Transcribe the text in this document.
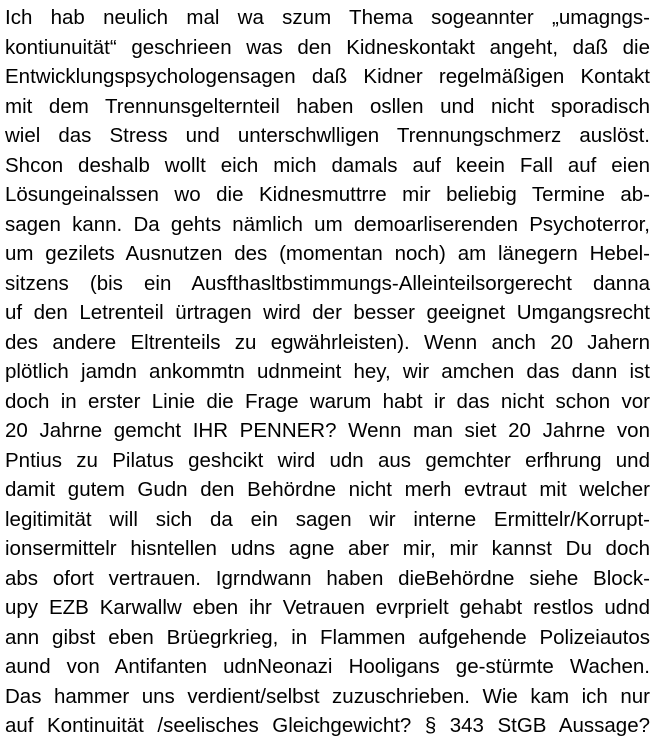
Ich hab neulich mal wa szum Thema sogeannter „umagngs-
kontiunuität“ geschrieen was den Kidneskontakt angeht, daß die
Entwicklungspsychologensagen daß Kidner regelmäßigen Kontakt
mit dem Trennunsgelternteil haben osllen und nicht sporadisch
wiel das Stress und unterschwlligen Trennungschmerz auslöst.
Shcon deshalb wollt eich mich damals auf keein Fall auf eien
Lösungeinalssen wo die Kidnesmuttrre mir beliebig Termine ab-
sagen kann. Da gehts nämlich um demoarliserenden Psychoterror,
um gezilets Ausnutzen des (momentan noch) am länegern Hebel-
sitzens (bis ein Ausfthasltbstimmungs-Alleinteilsorgerecht danna
uf den Letrenteil ürtragen wird der besser geeignet Umgangsrecht
des andere Eltrenteils zu egwährleisten). Wenn anch 20 Jahern
plötlich jamdn ankommtn udnmeint hey, wir amchen das dann ist
doch in erster Linie die Frage warum habt ir das nicht schon vor
20 Jahrne gemcht IHR PENNER? Wenn man siet 20 Jahrne von
Pntius zu Pilatus geshcikt wird udn aus gemchter erfhrung und
damit gutem Gudn den Behördne nicht merh evtraut mit welcher
legitimität will sich da ein sagen wir interne Ermittelr/Korrupt-
ionsermittelr hisntellen udns agne aber mir, mir kannst Du doch
abs ofort vertrauen. Igrndwann haben dieBehördne siehe Block-
upy EZB Karwallw eben ihr Vetrauen evrprielt gehabt restlos udnd
ann gibst eben Brüegrkrieg, in Flammen aufgehende Polizeiautos
aund von Antifanten udnNeonazi Hooligans ge-stürmte Wachen.
Das hammer uns verdient/selbst zuzuschrieben. Wie kam ich nur
auf Kontinuität /seelisches Gleichgewicht? § 343 StGB Aussage?
